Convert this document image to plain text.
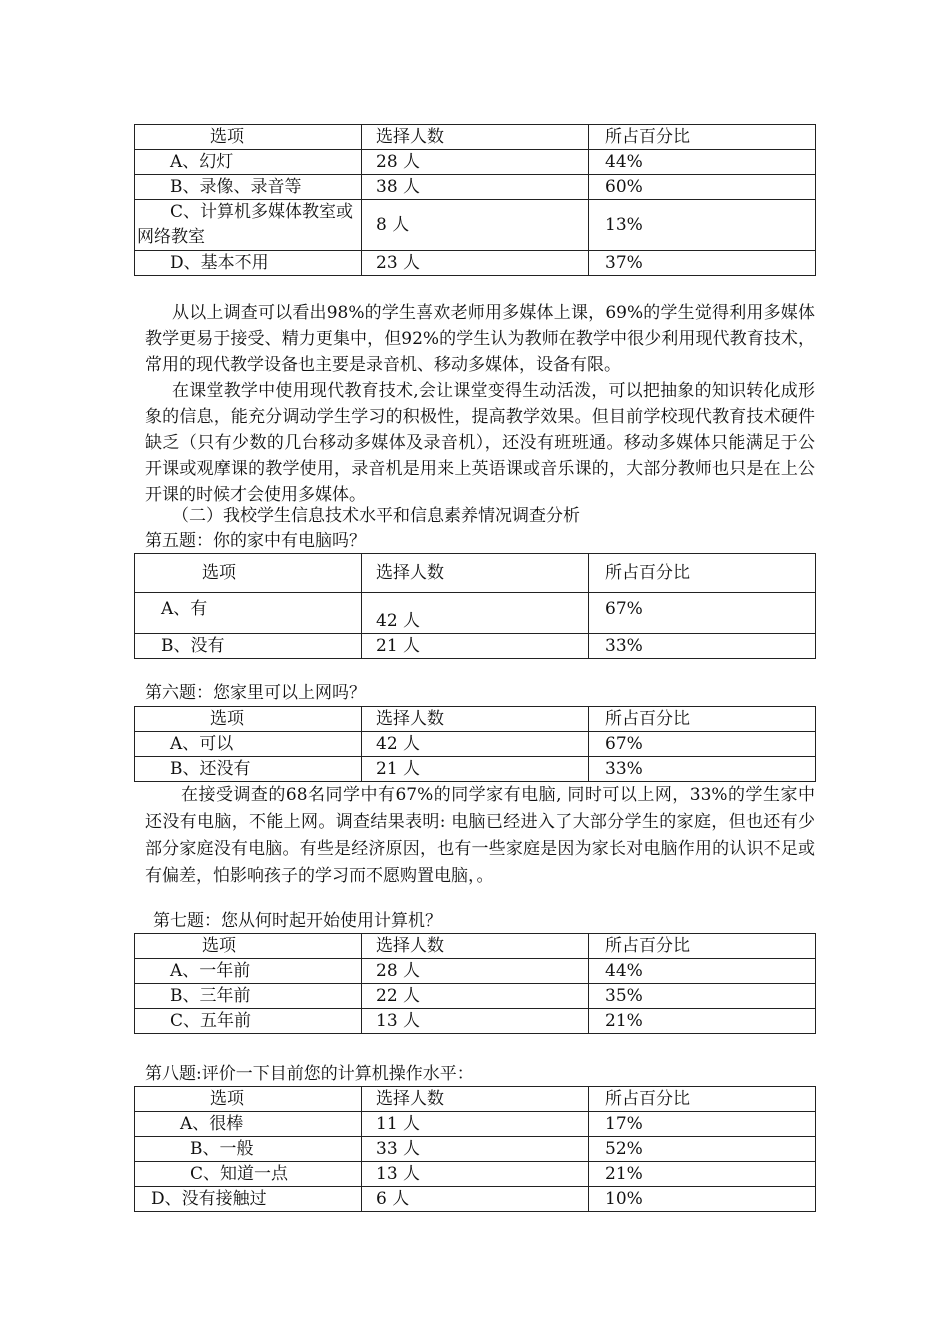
选项	选择人数	所占百分比
A、幻灯	28 人	44%
B、录像、录音等	38 人	60%
C、计算机多媒体教室或网络教室	8 人	13%
D、基本不用	23 人	37%

从以上调查可以看出98%的学生喜欢老师用多媒体上课，69%的学生觉得利用多媒体教学更易于接受、精力更集中，但92%的学生认为教师在教学中很少利用现代教育技术，常用的现代教学设备也主要是录音机、移动多媒体，设备有限。

在课堂教学中使用现代教育技术,会让课堂变得生动活泼，可以把抽象的知识转化成形象的信息，能充分调动学生学习的积极性，提高教学效果。但目前学校现代教育技术硬件缺乏（只有少数的几台移动多媒体及录音机），还没有班班通。移动多媒体只能满足于公开课或观摩课的教学使用，录音机是用来上英语课或音乐课的，大部分教师也只是在上公开课的时候才会使用多媒体。

（二）我校学生信息技术水平和信息素养情况调查分析
第五题：你的家中有电脑吗？
选项	选择人数	所占百分比
A、有	42 人	67%
B、没有	21 人	33%
第六题：您家里可以上网吗？
选项	选择人数	所占百分比
A、可以	42 人	67%
B、还没有	21 人	33%

在接受调查的68名同学中有67%的同学家有电脑, 同时可以上网，33%的学生家中还没有电脑，不能上网。调查结果表明: 电脑已经进入了大部分学生的家庭，但也还有少部分家庭没有电脑。有些是经济原因，也有一些家庭是因为家长对电脑作用的认识不足或有偏差，怕影响孩子的学习而不愿购置电脑，。

第七题：您从何时起开始使用计算机？
选项	选择人数	所占百分比
A、一年前	28 人	44%
B、三年前	22 人	35%
C、五年前	13 人	21%
第八题:评价一下目前您的计算机操作水平：
选项	选择人数	所占百分比
A、很棒	11 人	17%
B、一般	33 人	52%
C、知道一点	13 人	21%
D、没有接触过	6 人	10%
